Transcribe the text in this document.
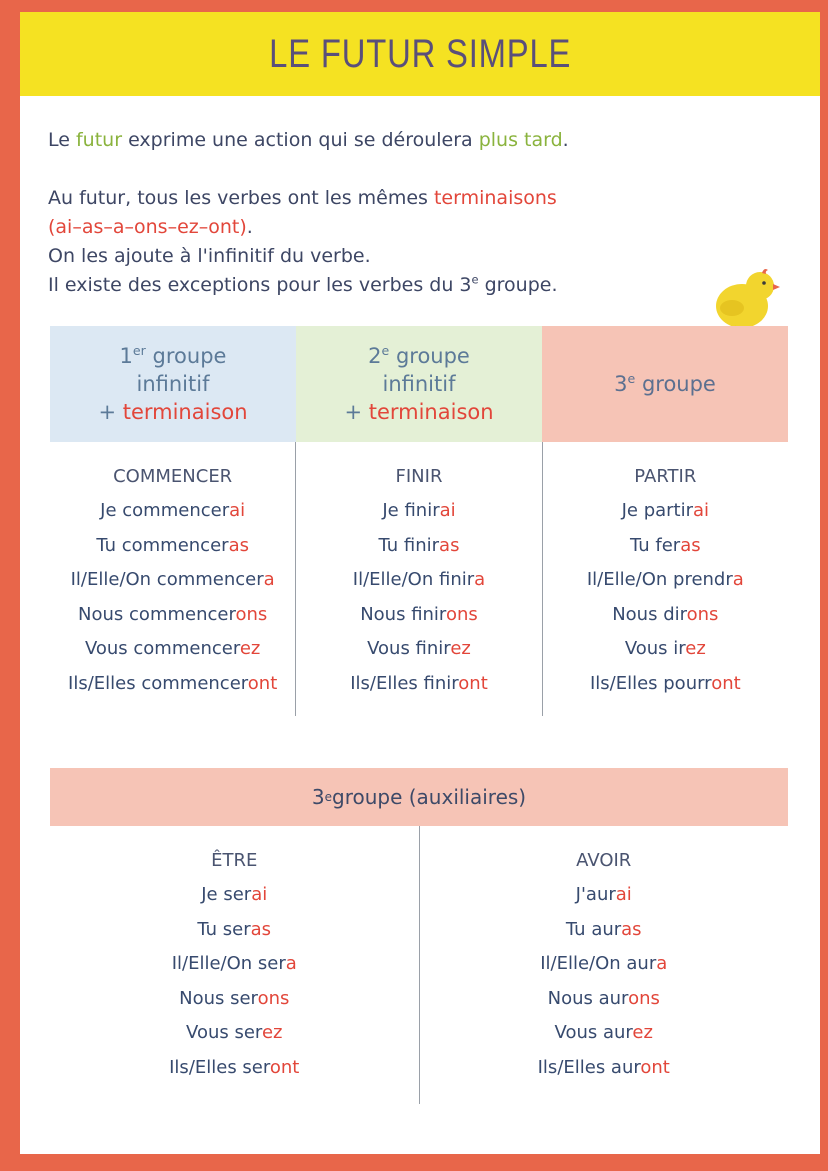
LE FUTUR SIMPLE
Le futur exprime une action qui se déroulera plus tard.
Au futur, tous les verbes ont les mêmes terminaisons
(ai–as–a–ons–ez–ont).
On les ajoute à l'infinitif du verbe.
Il existe des exceptions pour les verbes du 3e groupe.
1er groupe
infinitif
+ terminaison
2e groupe
infinitif
+ terminaison
3e groupe
COMMENCER
Je commencerai
Tu commenceras
Il/Elle/On commencera
Nous commencerons
Vous commencerez
Ils/Elles commenceront
FINIR
Je finirai
Tu finiras
Il/Elle/On finira
Nous finirons
Vous finirez
Ils/Elles finiront
PARTIR
Je partirai
Tu feras
Il/Elle/On prendra
Nous dirons
Vous irez
Ils/Elles pourront
3 e groupe (auxiliaires)
ÊTRE
Je serai
Tu seras
Il/Elle/On sera
Nous serons
Vous serez
Ils/Elles seront
AVOIR
J'aurai
Tu auras
Il/Elle/On aura
Nous aurons
Vous aurez
Ils/Elles auront
